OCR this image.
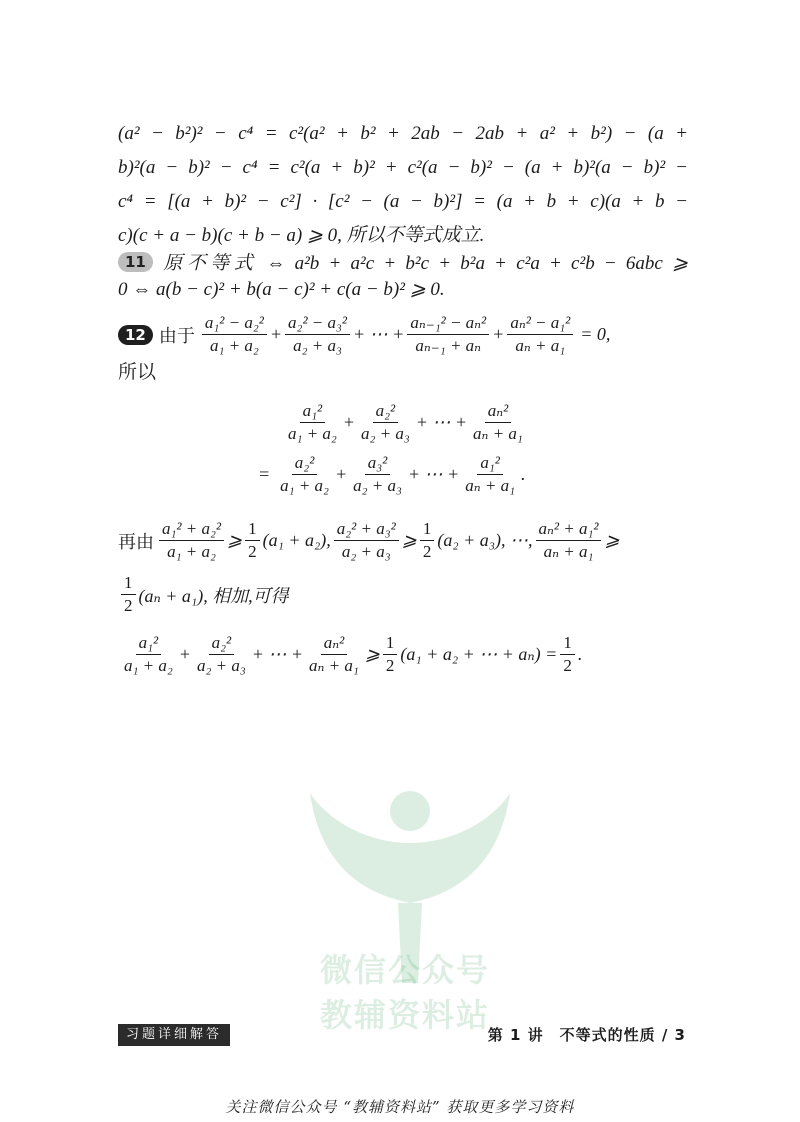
(a² − b²)² − c⁴ = c²(a² + b² + 2ab − 2ab + a² + b²) − (a +
b)²(a − b)² − c⁴ = c²(a + b)² + c²(a − b)² − (a + b)²(a − b)² −
c⁴ = [(a + b)² − c²] · [c² − (a − b)²] = (a + b + c)(a + b −
c)(c + a − b)(c + b − a) ⩾ 0, 所以不等式成立.
11 原不等式 ⇔ a²b + a²c + b²c + b²a + c²a + c²b − 6abc ⩾
0 ⇔ a(b − c)² + b(a − c)² + c(a − b)² ⩾ 0.
12 由于 $\frac{\text{a₁² − a₂²}}{\text{a₁ + a₂}} + \frac{\text{a₂² − a₃²}}{\text{a₂ + a₃}}$ + ⋯ + $\frac{\text{aₙ₋₁² − aₙ²}}{\text{aₙ₋₁ + aₙ}} + \frac{\text{aₙ² − a₁²}}{\text{aₙ + a₁}} = 0$,
所以
$\frac{\text{a₁²}}{\text{a₁ + a₂}} + \frac{\text{a₂²}}{\text{a₂ + a₃}}$ + ⋯ + $\frac{\text{aₙ²}}{\text{aₙ + a₁}}$
= $\frac{\text{a₂²}}{\text{a₁ + a₂}} + \frac{\text{a₃²}}{\text{a₂ + a₃}}$ + ⋯ + $\frac{\text{a₁²}}{\text{aₙ + a₁}}$ .
再由 $\frac{\text{a₁² + a₂²}}{\text{a₁ + a₂}}$ ⩾ $\frac{1}{2} (a_1 + a_2)$, $\frac{\text{a₂² + a₃²}}{\text{a₂ + a₃}}$ ⩾ $\frac{1}{2} (a_2 + a_3)$, ⋯, $\frac{\text{aₙ² + a₁²}}{\text{aₙ + a₁}}$ ⩾
$\frac{1}{2} (a_n + a_1)$, 相加,可得
$\frac{\text{a₁²}}{\text{a₁ + a₂}} + \frac{\text{a₂²}}{\text{a₂ + a₃}}$ + ⋯ + $\frac{\text{aₙ²}}{\text{aₙ + a₁}}$ ⩾ $\frac{1}{2} (a_1 + a_2$ + ⋯ + $a_n) = \frac{1}{2}$ .
微信公众号
教辅资料站
习题详细解答	第 1 讲　不等式的性质 / 3
关注微信公众号 “教辅资料站” 获取更多学习资料
